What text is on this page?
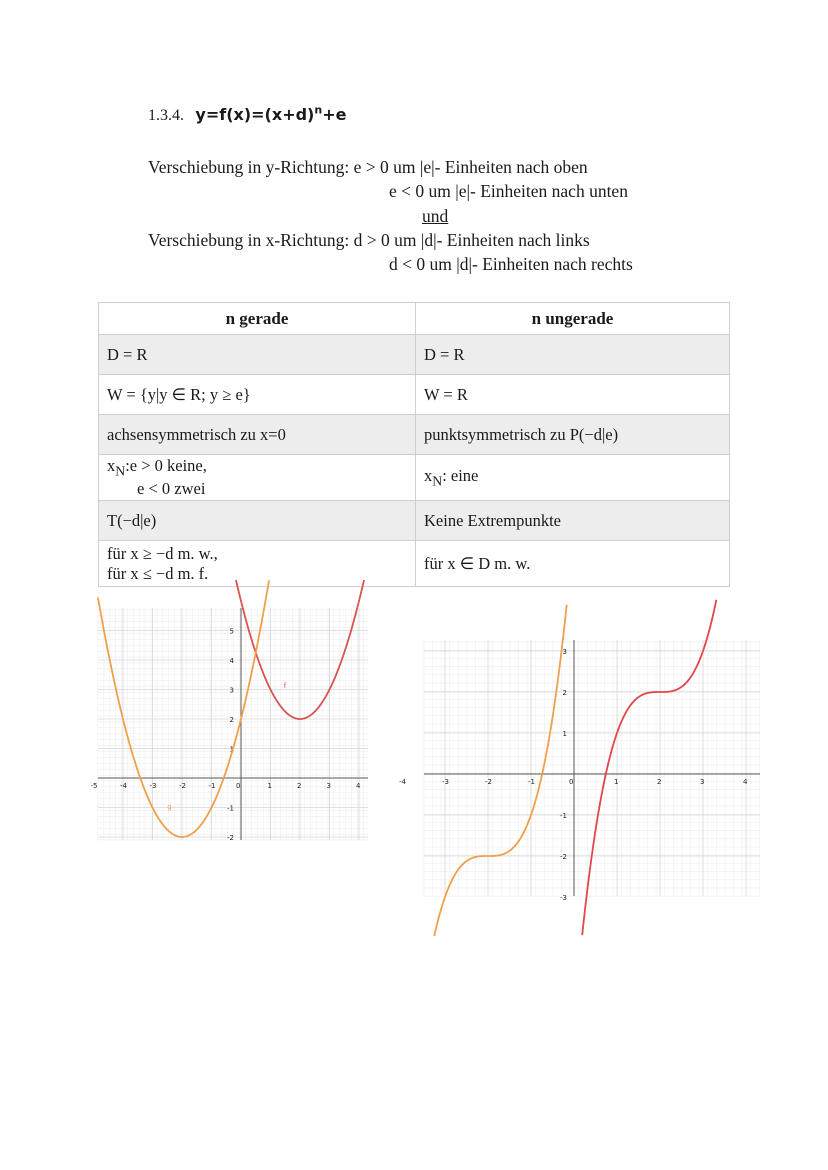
1.3.4. $y=f(x)=(x+d)^n+e$
Verschiebung in y-Richtung: e > 0 um |e|- Einheiten nach oben
e < 0 um |e|- Einheiten nach unten
und
Verschiebung in x-Richtung: d > 0 um |d|- Einheiten nach links
d < 0 um |d|- Einheiten nach rechts
n gerade	n ungerade
D = R	D = R
W = {y|y ∈ R; y ≥ e}	W = R
achsensymmetrisch zu x=0	punktsymmetrisch zu P(−d|e)

$x_N:e > 0$ keine,
e < 0 zwei	$x_N$: eine
T(−d|e)	Keine Extrempunkte

für x ≥ −d m. w.,
für x ≤ −d m. f.	für x ∈ D m. w.
-5	-4	-3	-2	-1	0	1	2	3	4
5
4
3
2
1
-1
-2
f
g
-4	-3	-2	-1	0	1	2	3	4
3
2
1
-1
-2
-3
